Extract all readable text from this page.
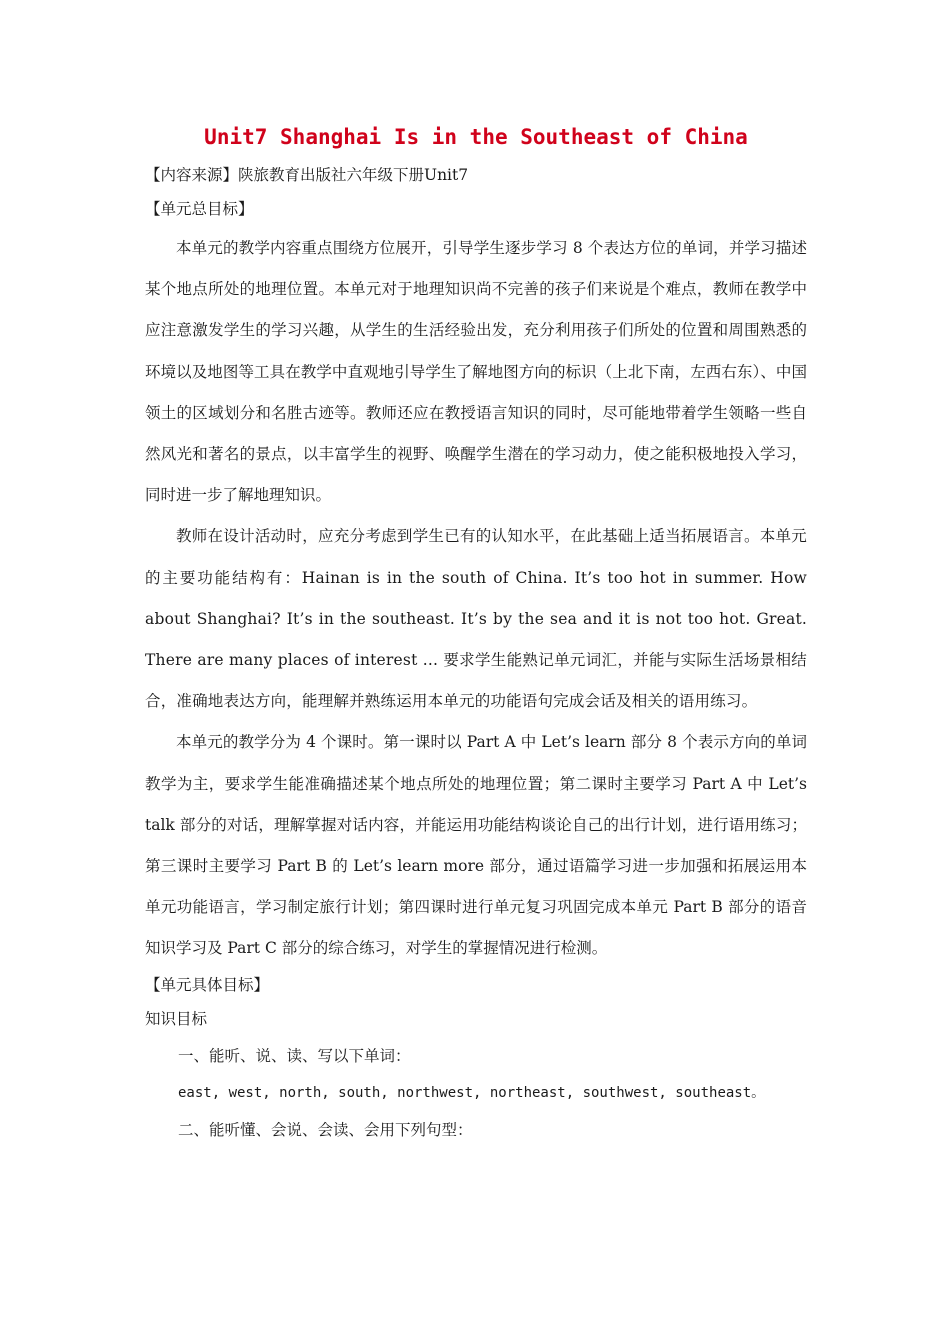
Unit7 Shanghai Is in the Southeast of China
【内容来源】陕旅教育出版社六年级下册Unit7
【单元总目标】

本单元的教学内容重点围绕方位展开，引导学生逐步学习 8 个表达方位的单词，并学习描述某个地点所处的地理位置。本单元对于地理知识尚不完善的孩子们来说是个难点，教师在教学中应注意激发学生的学习兴趣，从学生的生活经验出发，充分利用孩子们所处的位置和周围熟悉的环境以及地图等工具在教学中直观地引导学生了解地图方向的标识（上北下南，左西右东）、中国领土的区域划分和名胜古迹等。教师还应在教授语言知识的同时，尽可能地带着学生领略一些自然风光和著名的景点，以丰富学生的视野、唤醒学生潜在的学习动力，使之能积极地投入学习，同时进一步了解地理知识。

教师在设计活动时，应充分考虑到学生已有的认知水平，在此基础上适当拓展语言。本单元的主要功能结构有：Hainan is in the south of China. It’s too hot in summer. How about Shanghai? It’s in the southeast. It’s by the sea and it is not too hot. Great. There are many places of interest ... 要求学生能熟记单元词汇，并能与实际生活场景相结合，准确地表达方向，能理解并熟练运用本单元的功能语句完成会话及相关的语用练习。

本单元的教学分为 4 个课时。第一课时以 Part A 中 Let’s learn 部分 8 个表示方向的单词教学为主，要求学生能准确描述某个地点所处的地理位置；第二课时主要学习 Part A 中 Let’s talk 部分的对话，理解掌握对话内容，并能运用功能结构谈论自己的出行计划，进行语用练习；第三课时主要学习 Part B 的 Let’s learn more 部分，通过语篇学习进一步加强和拓展运用本单元功能语言，学习制定旅行计划；第四课时进行单元复习巩固完成本单元 Part B 部分的语音知识学习及 Part C 部分的综合练习，对学生的掌握情况进行检测。

【单元具体目标】
知识目标
一、能听、说、读、写以下单词：
east, west, north, south, northwest, northeast, southwest, southeast。
二、能听懂、会说、会读、会用下列句型：
